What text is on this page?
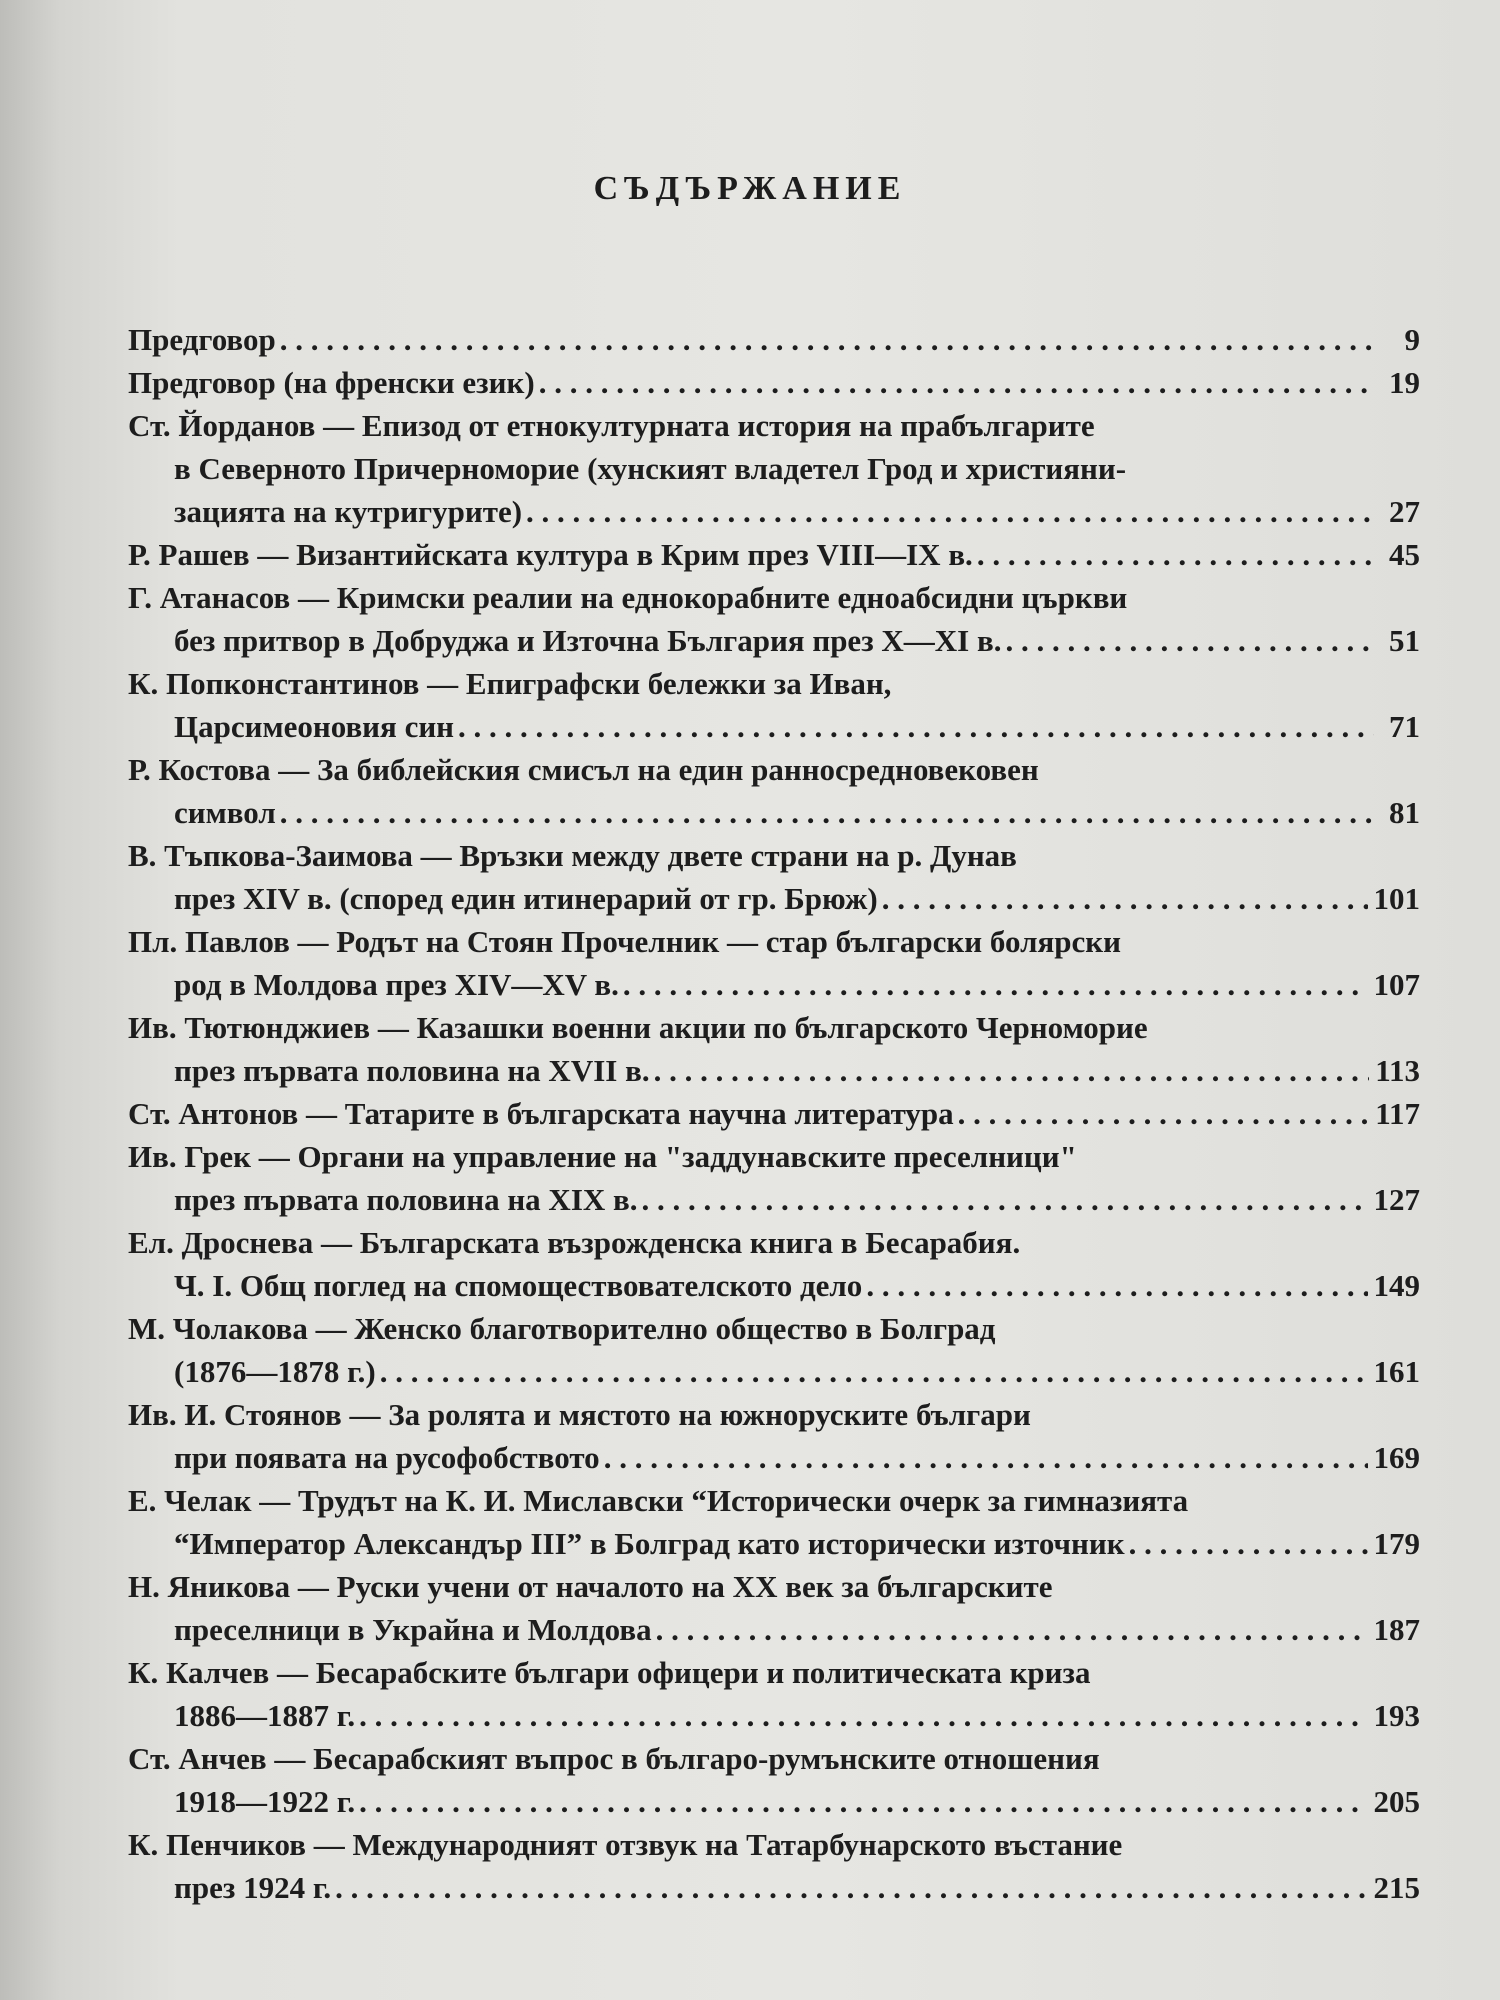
СЪДЪРЖАНИЕ
Предговор . . .	9
Предговор (на френски език) . . .	19
Ст. Йорданов — Епизод от етнокултурната история на прабългарите
в Северното Причерноморие (хунският владетел Грод и християни-
зацията на кутригурите) . . .	27
Р. Рашев — Византийската култура в Крим през VIII—IX в. . . .	45
Г. Атанасов — Кримски реалии на еднокорабните едноабсидни църкви
без притвор в Добруджа и Източна България през X—XI в. . . .	51
К. Попконстантинов — Епиграфски бележки за Иван,
Царсимеоновия син . . .	71
Р. Костова — За библейския смисъл на един ранносредновековен
символ . . .	81
В. Тъпкова-Заимова — Връзки между двете страни на р. Дунав
през XIV в. (според един итинерарий от гр. Брюж) . . .	101
Пл. Павлов — Родът на Стоян Прочелник — стар български болярски
род в Молдова през XIV—XV в. . . .	107
Ив. Тютюнджиев — Казашки военни акции по българското Черноморие
през първата половина на XVII в. . . .	113
Ст. Антонов — Татарите в българската научна литература . . .	117
Ив. Грек — Органи на управление на "заддунавските преселници"
през първата половина на XIX в. . . .	127
Ел. Дроснева — Българската възрожденска книга в Бесарабия.
Ч. I. Общ поглед на спомоществователското дело . . .	149
М. Чолакова — Женско благотворително общество в Болград
(1876—1878 г.) . . .	161
Ив. И. Стоянов — За ролята и мястото на южноруските българи
при появата на русофобството . . .	169
Е. Челак — Трудът на К. И. Миславски “Исторически очерк за гимназията
“Император Александър III” в Болград като исторически източник . . .	179
Н. Яникова — Руски учени от началото на XX век за българските
преселници в Украйна и Молдова . . .	187
К. Калчев — Бесарабските българи офицери и политическата криза
1886—1887 г. . . .	193
Ст. Анчев — Бесарабският въпрос в българо-румънските отношения
1918—1922 г. . . .	205
К. Пенчиков — Международният отзвук на Татарбунарското въстание
през 1924 г. . . .	215
